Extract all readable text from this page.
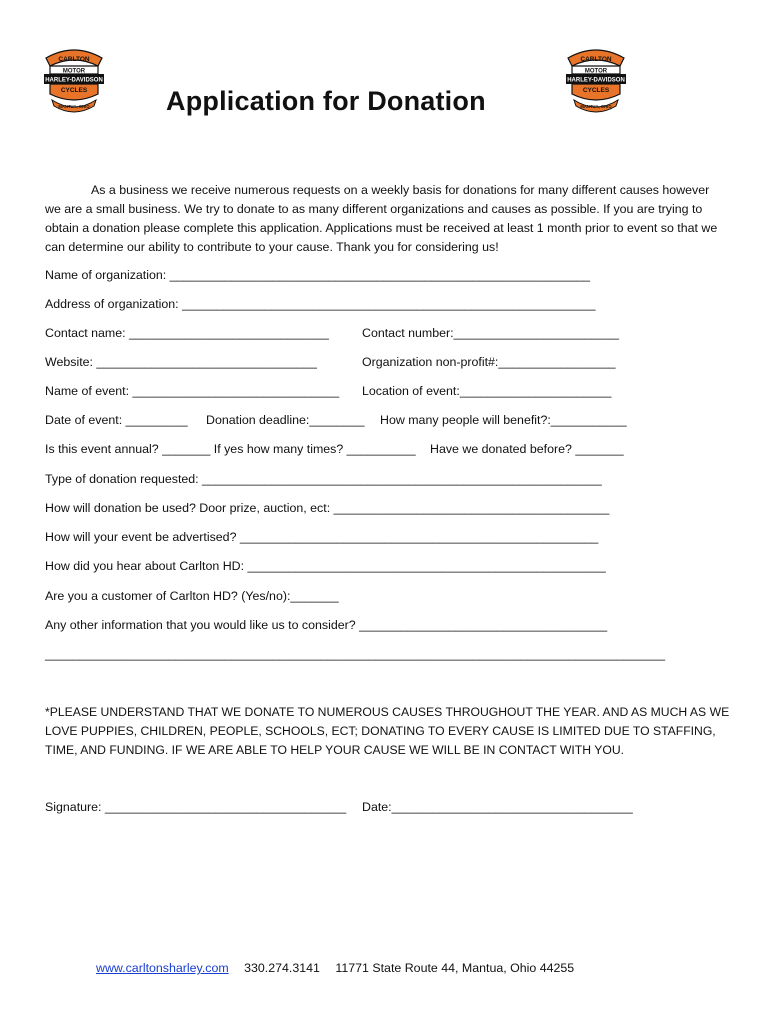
CARLTON
MOTOR
HARLEY-DAVIDSON
CYCLES
MANTUA, OHIO	Application for Donation
CARLTON
MOTOR
HARLEY-DAVIDSON
CYCLES
MANTUA, OHIO

As a business we receive numerous requests on a weekly basis for donations for many different causes however we are a small business. We try to donate to as many different organizations and causes as possible. If you are trying to obtain a donation please complete this application. Applications must be received at least 1 month prior to event so that we can determine our ability to contribute to your cause. Thank you for considering us!

Name of organization: _____________________________________________________________
Address of organization: ____________________________________________________________
Contact name: _____________________________	Contact number:________________________
Website: ________________________________	Organization non-profit#:_________________
Name of event: ______________________________ Location of event:______________________
Date of event: _________ Donation deadline:________ How many people will benefit?:___________
Is this event annual? _______ If yes how many times? __________ Have we donated before? _______
Type of donation requested: __________________________________________________________
How will donation be used? Door prize, auction, ect: ________________________________________
How will your event be advertised? ____________________________________________________
How did you hear about Carlton HD: ____________________________________________________
Are you a customer of Carlton HD? (Yes/no):_______
Any other information that you would like us to consider? ____________________________________
__________________________________________________________________________________________

*PLEASE UNDERSTAND THAT WE DONATE TO NUMEROUS CAUSES THROUGHOUT THE YEAR. AND AS MUCH AS WE LOVE PUPPIES, CHILDREN, PEOPLE, SCHOOLS, ECT; DONATING TO EVERY CAUSE IS LIMITED DUE TO STAFFING, TIME, AND FUNDING. IF WE ARE ABLE TO HELP YOUR CAUSE WE WILL BE IN CONTACT WITH YOU.

Signature: ___________________________________ Date:___________________________________
www.carltonsharley.com 330.274.3141 11771 State Route 44, Mantua, Ohio 44255
